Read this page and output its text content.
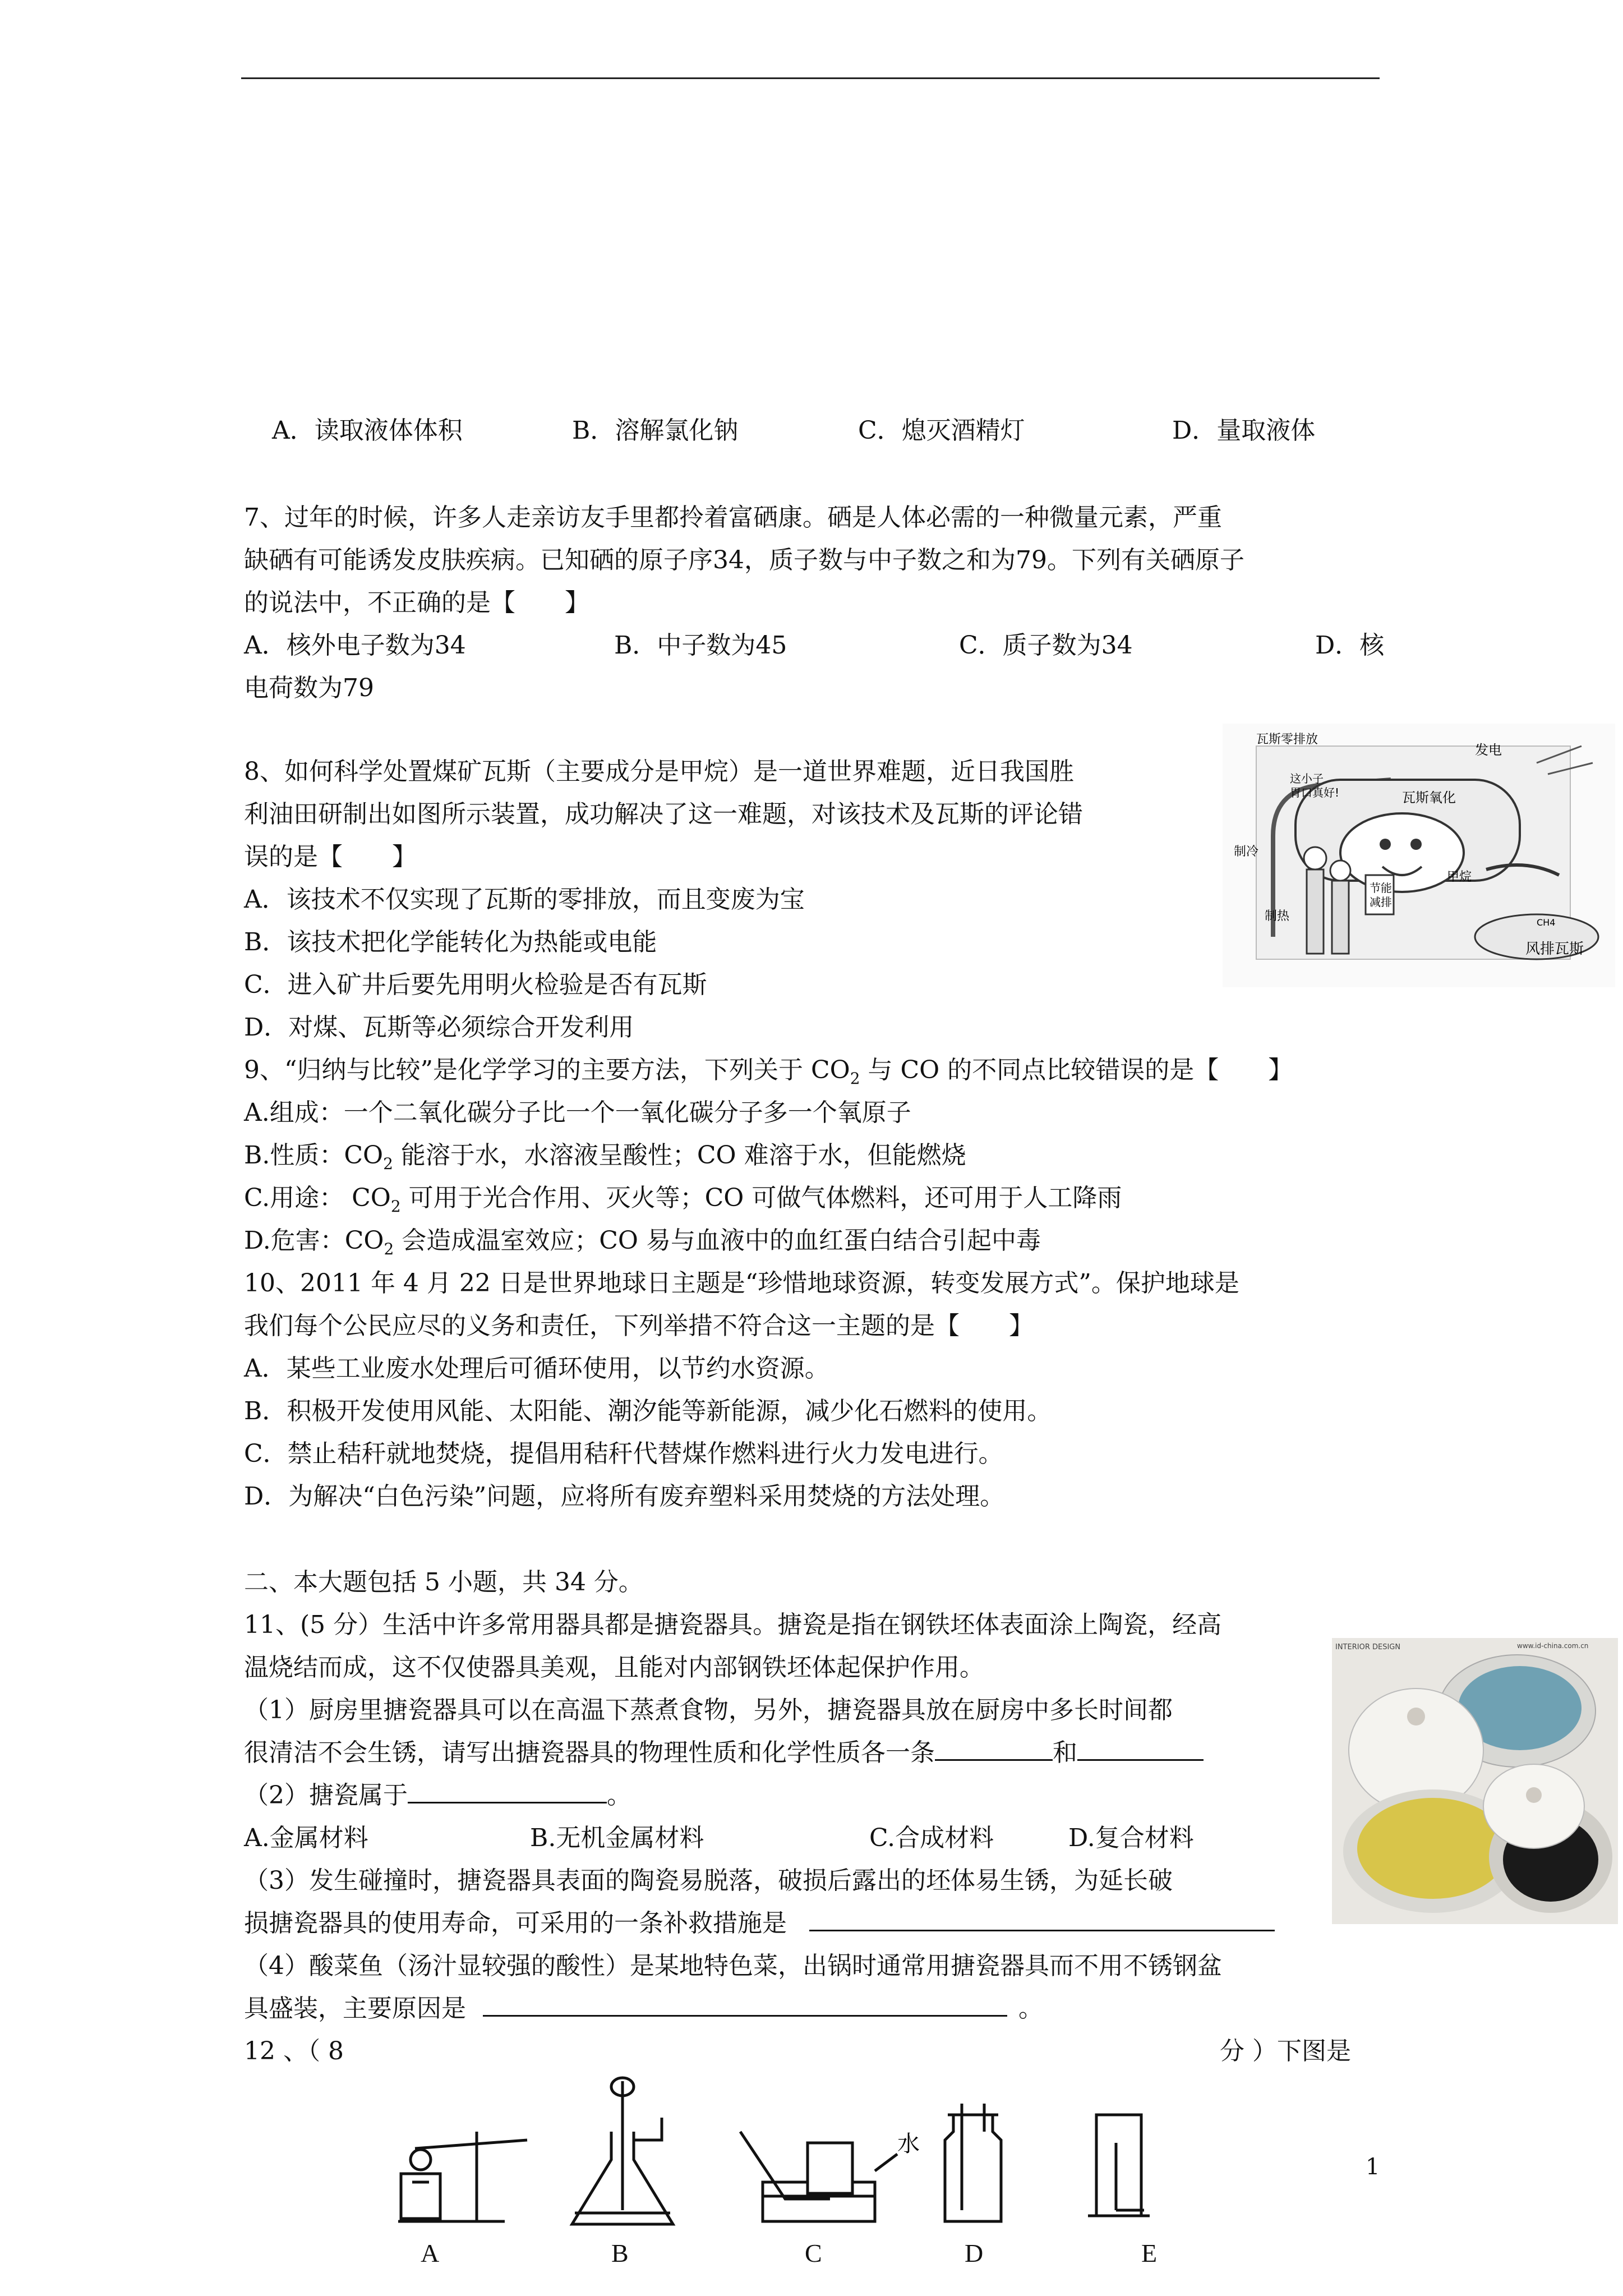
A．读取液体体积	B．溶解氯化钠	C．熄灭酒精灯	D．量取液体
7、过年的时候，许多人走亲访友手里都拎着富硒康。硒是人体必需的一种微量元素，严重
缺硒有可能诱发皮肤疾病。已知硒的原子序34，质子数与中子数之和为79。下列有关硒原子
的说法中，不正确的是【　　】
A．核外电子数为34	B．中子数为45	C．质子数为34	D．核
电荷数为79
8、如何科学处置煤矿瓦斯（主要成分是甲烷）是一道世界难题，近日我国胜
利油田研制出如图所示装置，成功解决了这一难题，对该技术及瓦斯的评论错
误的是【　　】
A．该技术不仅实现了瓦斯的零排放，而且变废为宝
B．该技术把化学能转化为热能或电能
C．进入矿井后要先用明火检验是否有瓦斯
D．对煤、瓦斯等必须综合开发利用
瓦斯零排放
发电
这小子
胃口真好!	瓦斯氧化
制冷
制热
节能
减排
甲烷
CH4
风排瓦斯
9、“归纳与比较”是化学学习的主要方法，下列关于 $CO_2$ 与 CO 的不同点比较错误的是【　　】
A.组成：一个二氧化碳分子比一个一氧化碳分子多一个氧原子
B.性质：$CO_2$ 能溶于水，水溶液呈酸性；CO 难溶于水，但能燃烧
C.用途： $CO_2$ 可用于光合作用、灭火等；CO 可做气体燃料，还可用于人工降雨
D.危害：$CO_2$ 会造成温室效应；CO 易与血液中的血红蛋白结合引起中毒
10、2011 年 4 月 22 日是世界地球日主题是“珍惜地球资源，转变发展方式”。保护地球是
我们每个公民应尽的义务和责任，下列举措不符合这一主题的是【　　】
A．某些工业废水处理后可循环使用，以节约水资源。
B．积极开发使用风能、太阳能、潮汐能等新能源，减少化石燃料的使用。
C．禁止秸秆就地焚烧，提倡用秸秆代替煤作燃料进行火力发电进行。
D．为解决“白色污染”问题，应将所有废弃塑料采用焚烧的方法处理。
二、本大题包括 5 小题，共 34 分。
11、(5 分）生活中许多常用器具都是搪瓷器具。搪瓷是指在钢铁坯体表面涂上陶瓷，经高
温烧结而成，这不仅使器具美观，且能对内部钢铁坯体起保护作用。
（1）厨房里搪瓷器具可以在高温下蒸煮食物，另外，搪瓷器具放在厨房中多长时间都
很清洁不会生锈，请写出搪瓷器具的物理性质和化学性质各一条	和
（2）搪瓷属于	。
A.金属材料	B.无机金属材料	C.合成材料	D.复合材料
（3）发生碰撞时，搪瓷器具表面的陶瓷易脱落，破损后露出的坯体易生锈，为延长破
损搪瓷器具的使用寿命，可采用的一条补救措施是
（4）酸菜鱼（汤汁显较强的酸性）是某地特色菜，出锅时通常用搪瓷器具而不用不锈钢盆
具盛装，主要原因是	。
INTERIOR DESIGN	www.id-china.com.cn
12 、（ 8	分 ）下图是
水
A	B	C	D	E
1
